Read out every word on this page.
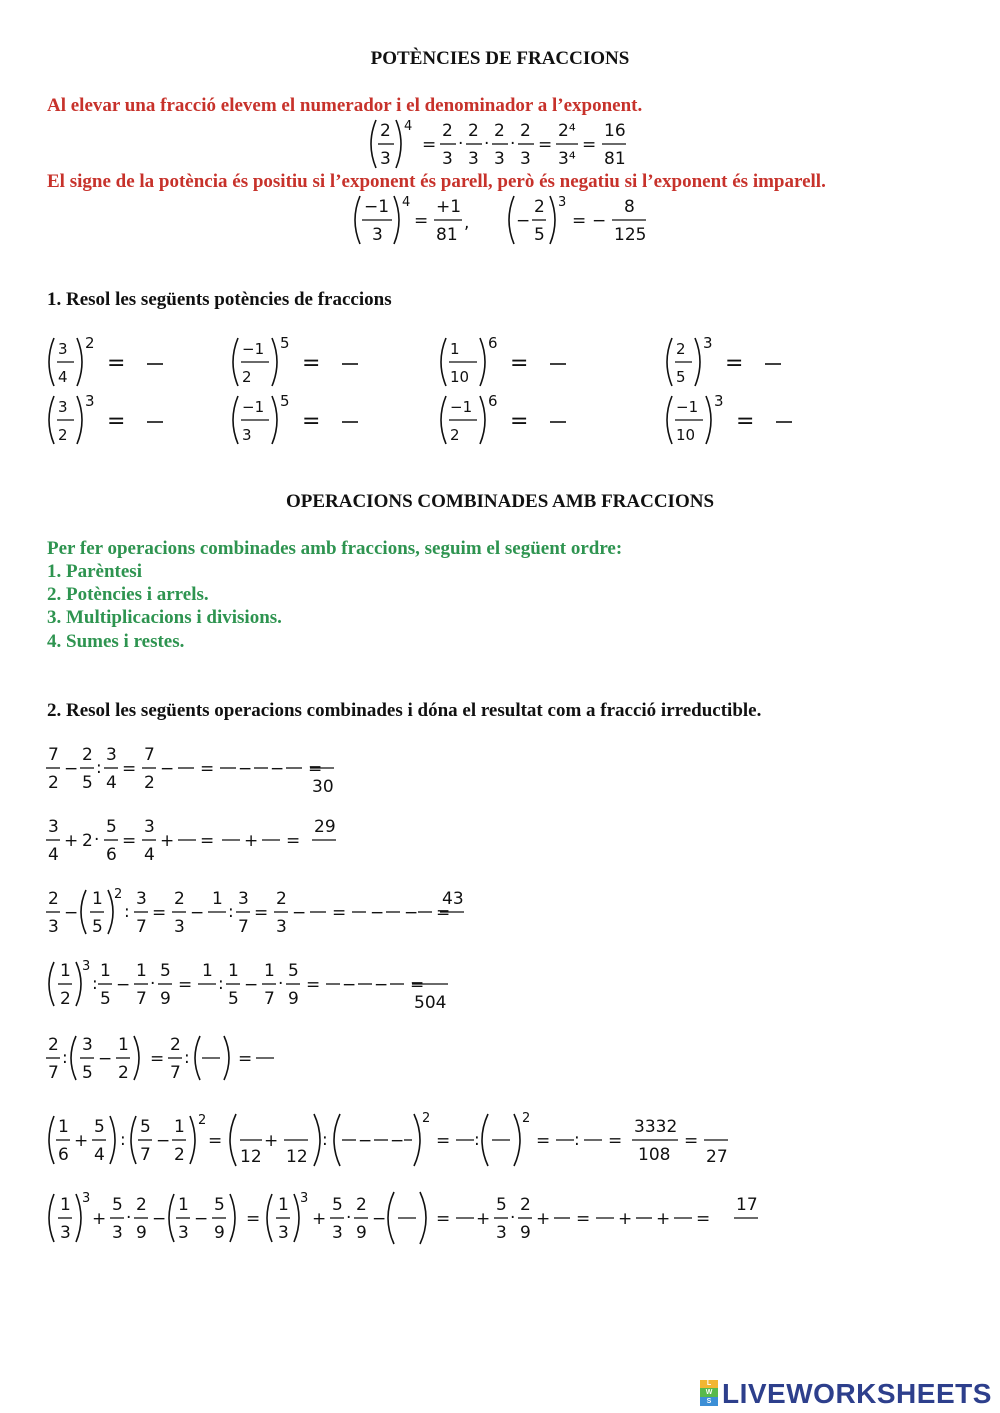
POTÈNCIES DE FRACCIONS
Al elevar una fracció elevem el numerador i el denominador a l’exponent.
2
3
4
=
2
3
·
2
3
·
2
3
·
2
3
=
2⁴
3⁴
=
16
81
El signe de la potència és positiu si l’exponent és parell, però és negatiu si l’exponent és imparell.
−1
3
4
=
+1
81
,	−
2
5
3
= −
8
125
1. Resol les següents potències de fraccions
3
4
2
=
−1
2
5
=
1
10
6
=
2
5
3
=
3
2
3
=
−1
3
5
=
−1
2
6
=
−1
10
3
=
OPERACIONS COMBINADES AMB FRACCIONS
Per fer operacions combinades amb fraccions, seguim el següent ordre:
1. Parèntesi
2. Potències i arrels.
3. Multiplicacions i divisions.
4. Sumes i restes.
2. Resol les següents operacions combinades i dóna el resultat com a fracció irreductible.
7
2
−
2
5
:
3
4
=
7
2
− = − − =
30
3
4
+ 2 ·
5
6
=
3
4
+ = + =
29
2
3
−
1
5
2
:
3
7
=
2
3
−
1
:
3
7
=
2
3
− = − − =
43
1
2
3
:
1
5
−
1
7
·
5
9
=
1
:
1
5
−
1
7
·
5
9
= − − =
504
2
7
:
3
5
−
1
2
=
2
7
:	=
1
6
+
5
4
:
5
7
−
1
2
2
=
12
+
12
: − −
2
= :
2
= : =
3332
108
=
27
1
3
3
+
5
3
·
2
9
−
1
3
−
5
9
=
1
3
3
+
5
3
·
2
9
−	= +
5
3
·
2
9
+ = + + =
17
L
W
S LIVEWORKSHEETS
